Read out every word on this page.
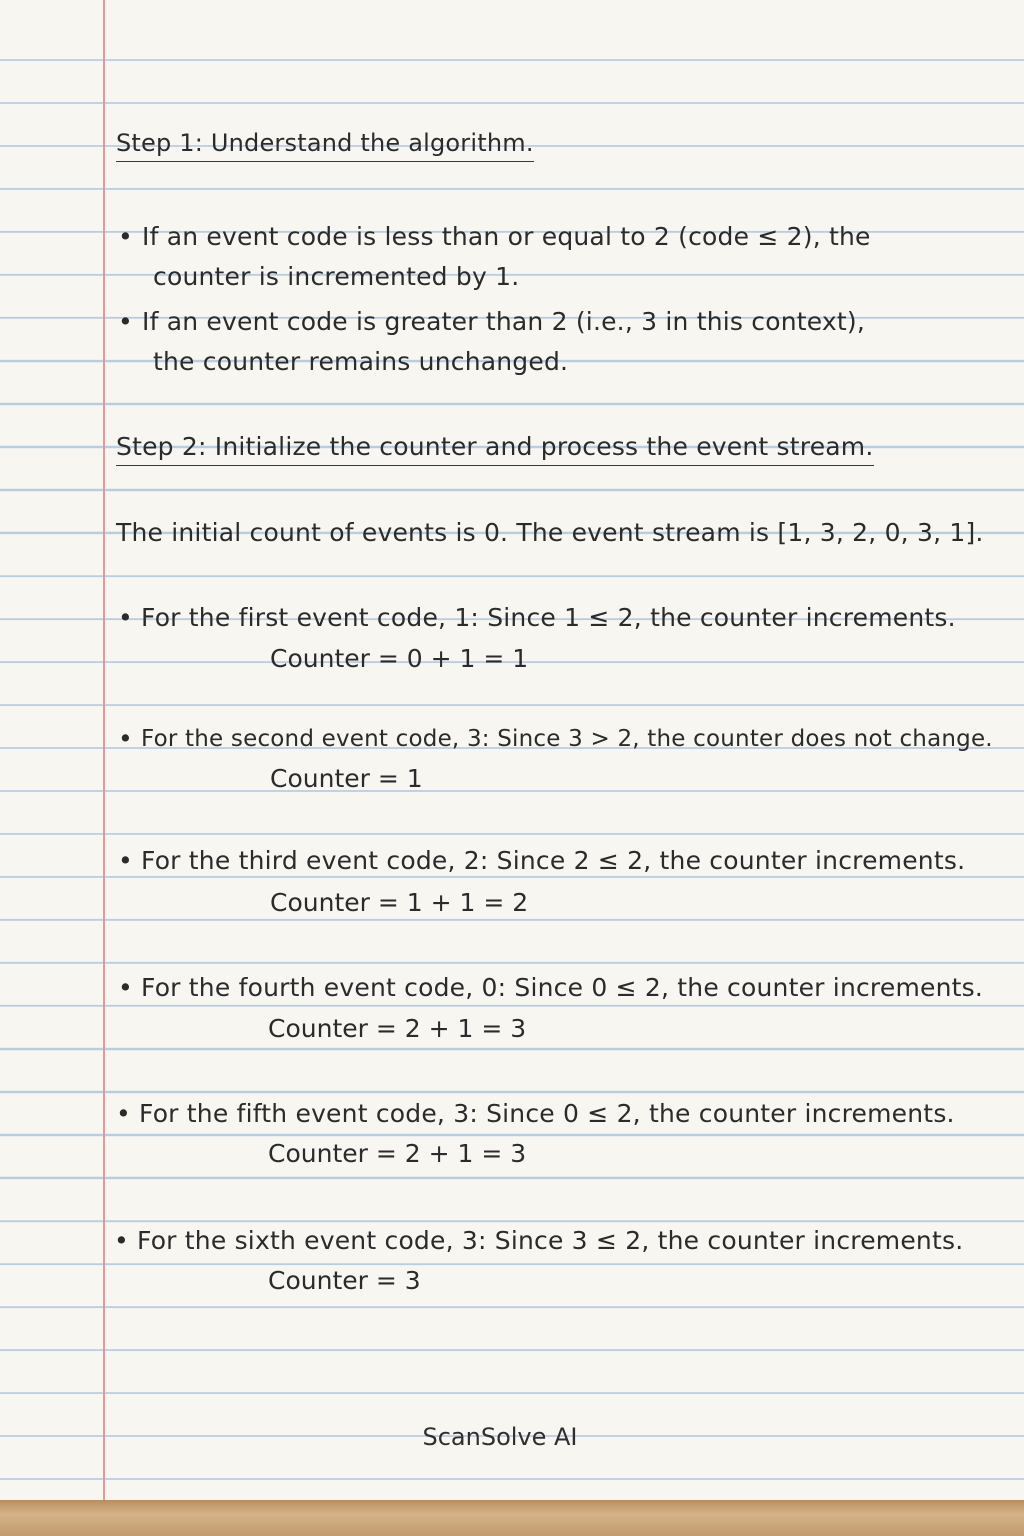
Step 1: Understand the algorithm.
• If an event code is less than or equal to 2 (code ≤ 2), the
counter is incremented by 1.
• If an event code is greater than 2 (i.e., 3 in this context),
the counter remains unchanged.
Step 2: Initialize the counter and process the event stream.
The initial count of events is 0. The event stream is [1, 3, 2, 0, 3, 1].
• For the first event code, 1: Since 1 ≤ 2, the counter increments.
Counter = 0 + 1 = 1
• For the second event code, 3: Since 3 > 2, the counter does not change.
Counter = 1
• For the third event code, 2: Since 2 ≤ 2, the counter increments.
Counter = 1 + 1 = 2
• For the fourth event code, 0: Since 0 ≤ 2, the counter increments.
Counter = 2 + 1 = 3
• For the fifth event code, 3: Since 0 ≤ 2, the counter increments.
Counter = 2 + 1 = 3
• For the sixth event code, 3: Since 3 ≤ 2, the counter increments.
Counter = 3
ScanSolve AI
